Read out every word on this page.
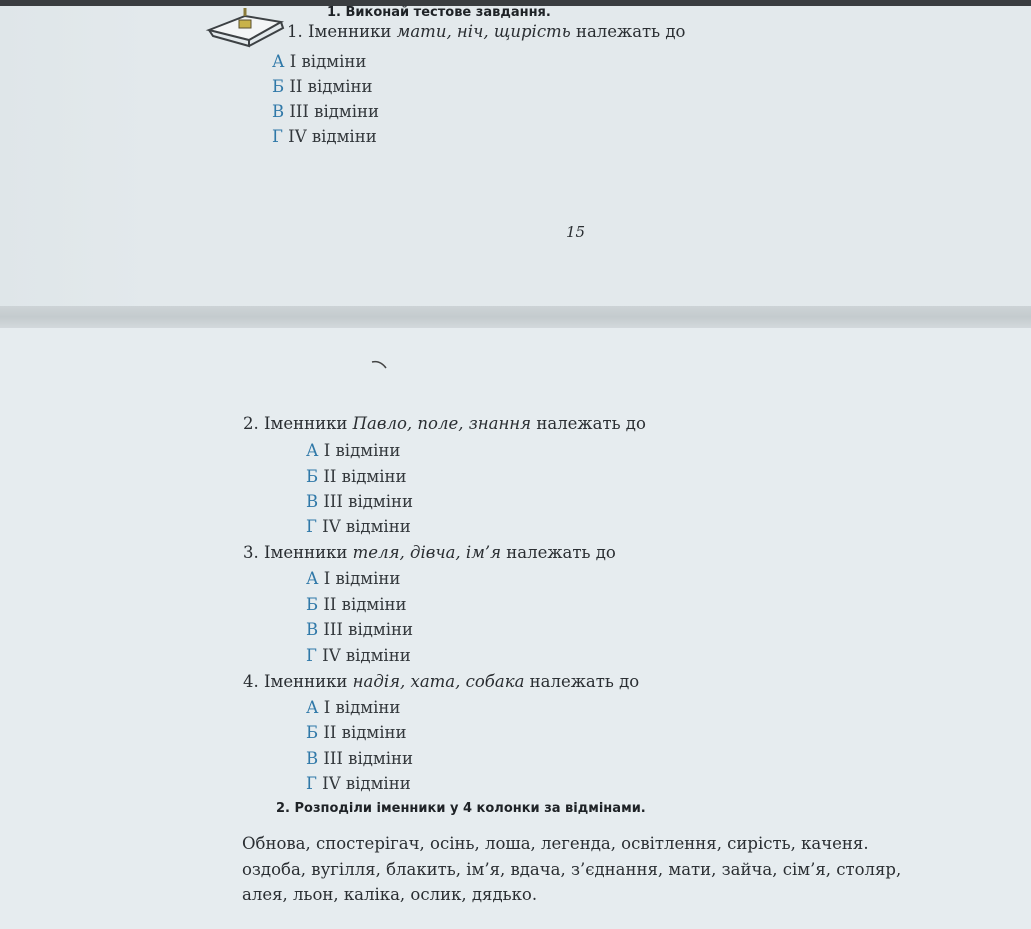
1. Виконай тестове завдання.
1. Іменники мати, ніч, щирість належать до
А І відміни
Б ІІ відміни
В ІІІ відміни
Г ІV відміни
15
2. Іменники Павло, поле, знання належать до
А І відміни
Б ІІ відміни
В ІІІ відміни
Г ІV відміни
3. Іменники теля, дівча, ім’я належать до
А І відміни
Б ІІ відміни
В ІІІ відміни
Г ІV відміни
4. Іменники надія, хата, собака належать до
А І відміни
Б ІІ відміни
В ІІІ відміни
Г ІV відміни
2. Розподіли іменники у 4 колонки за відмінами.
Обнова, спостерігач, осінь, лоша, легенда, освітлення, сирість, каченя.
оздоба, вугілля, блакить, ім’я, вдача, з’єднання, мати, зайча, сім’я, столяр,
алея, льон, каліка, ослик, дядько.
